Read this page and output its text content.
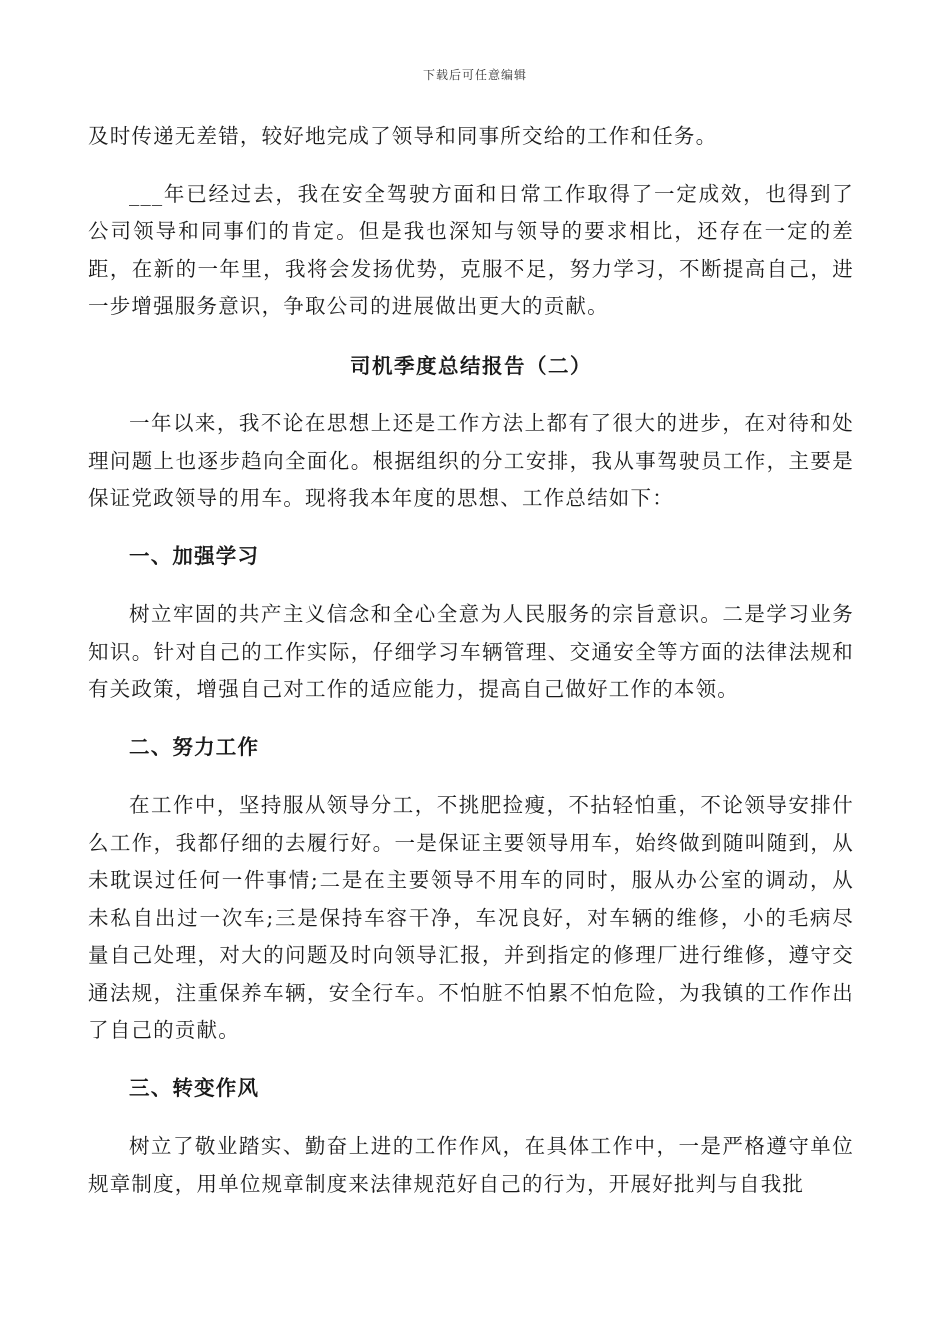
下载后可任意编辑

及时传递无差错，较好地完成了领导和同事所交给的工作和任务。

___年已经过去，我在安全驾驶方面和日常工作取得了一定成效，也得到了公司领导和同事们的肯定。但是我也深知与领导的要求相比，还存在一定的差距，在新的一年里，我将会发扬优势，克服不足，努力学习，不断提高自己，进一步增强服务意识，争取公司的进展做出更大的贡献。

司机季度总结报告（二）

一年以来，我不论在思想上还是工作方法上都有了很大的进步，在对待和处理问题上也逐步趋向全面化。根据组织的分工安排，我从事驾驶员工作，主要是保证党政领导的用车。现将我本年度的思想、工作总结如下：

一、加强学习

树立牢固的共产主义信念和全心全意为人民服务的宗旨意识。二是学习业务知识。针对自己的工作实际，仔细学习车辆管理、交通安全等方面的法律法规和有关政策，增强自己对工作的适应能力，提高自己做好工作的本领。

二、努力工作

在工作中，坚持服从领导分工，不挑肥捡瘦，不拈轻怕重，不论领导安排什么工作，我都仔细的去履行好。一是保证主要领导用车，始终做到随叫随到，从未耽误过任何一件事情;二是在主要领导不用车的同时，服从办公室的调动，从未私自出过一次车;三是保持车容干净，车况良好，对车辆的维修，小的毛病尽量自己处理，对大的问题及时向领导汇报，并到指定的修理厂进行维修，遵守交通法规，注重保养车辆，安全行车。不怕脏不怕累不怕危险，为我镇的工作作出了自己的贡献。

三、转变作风

树立了敬业踏实、勤奋上进的工作作风，在具体工作中，一是严格遵守单位规章制度，用单位规章制度来法律规范好自己的行为，开展好批判与自我批
